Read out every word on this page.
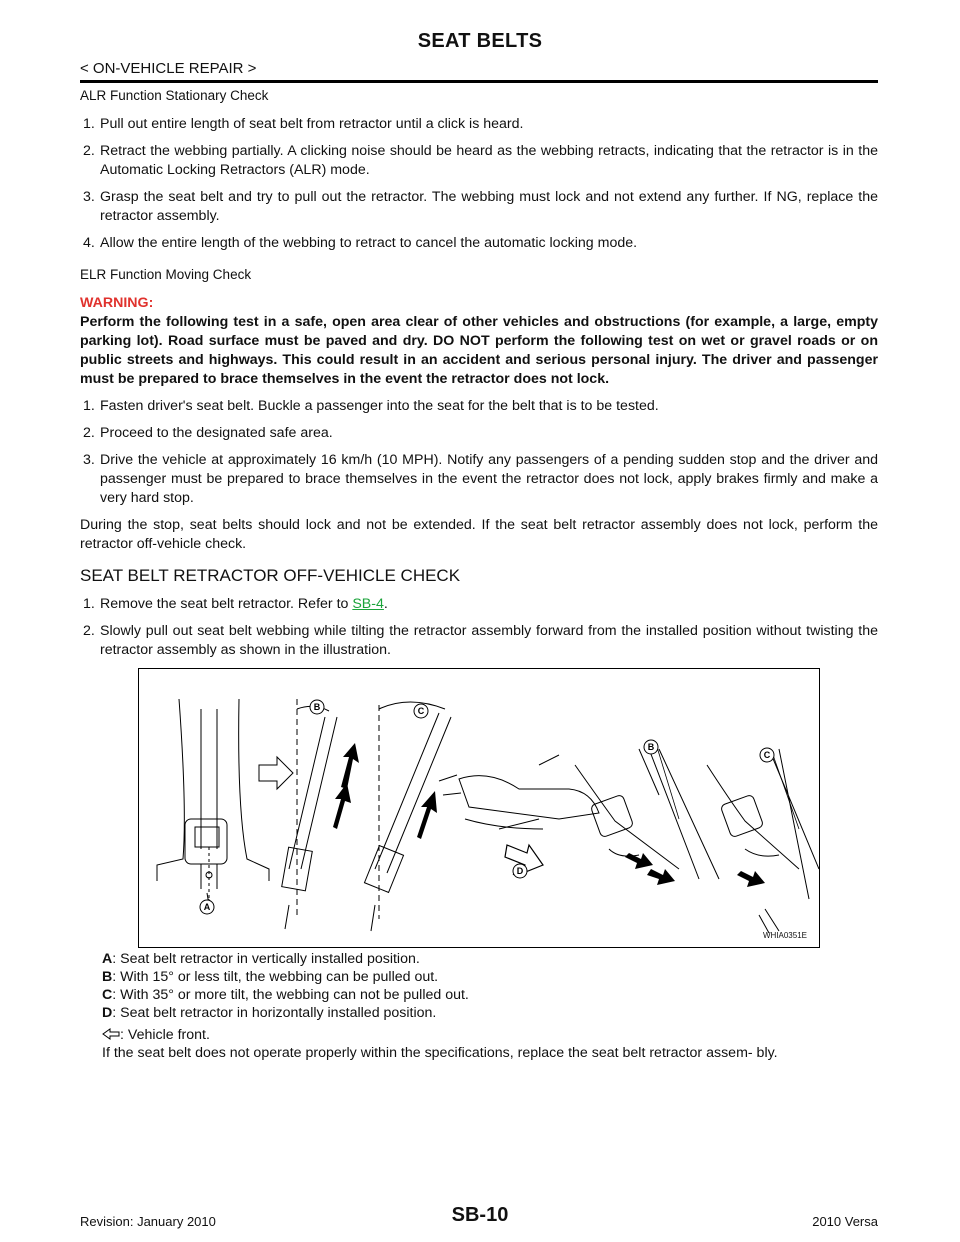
SEAT BELTS
< ON-VEHICLE REPAIR >
ALR Function Stationary Check
1. Pull out entire length of seat belt from retractor until a click is heard.
2. Retract the webbing partially. A clicking noise should be heard as the webbing retracts, indicating that the retractor is in the Automatic Locking Retractors (ALR) mode.
3. Grasp the seat belt and try to pull out the retractor. The webbing must lock and not extend any further. If NG, replace the retractor assembly.
4. Allow the entire length of the webbing to retract to cancel the automatic locking mode.
ELR Function Moving Check
WARNING:
Perform the following test in a safe, open area clear of other vehicles and obstructions (for example, a large, empty parking lot). Road surface must be paved and dry. DO NOT perform the following test on wet or gravel roads or on public streets and highways. This could result in an accident and serious personal injury. The driver and passenger must be prepared to brace themselves in the event the retractor does not lock.
1. Fasten driver's seat belt. Buckle a passenger into the seat for the belt that is to be tested.
2. Proceed to the designated safe area.
3. Drive the vehicle at approximately 16 km/h (10 MPH). Notify any passengers of a pending sudden stop and the driver and passenger must be prepared to brace themselves in the event the retractor does not lock, apply brakes firmly and make a very hard stop.
During the stop, seat belts should lock and not be extended. If the seat belt retractor assembly does not lock, perform the retractor off-vehicle check.
SEAT BELT RETRACTOR OFF-VEHICLE CHECK
1. Remove the seat belt retractor. Refer to SB-4.
2. Slowly pull out seat belt webbing while tilting the retractor assembly forward from the installed position without twisting the retractor assembly as shown in the illustration.
A
B	C
B
C
D
WHIA0351E
A: Seat belt retractor in vertically installed position.
B: With 15° or less tilt, the webbing can be pulled out.
C: With 35° or more tilt, the webbing can not be pulled out.
D: Seat belt retractor in horizontally installed position.
: Vehicle front.
If the seat belt does not operate properly within the specifications, replace the seat belt retractor assem- bly.
Revision: January 2010	SB-10	2010 Versa
